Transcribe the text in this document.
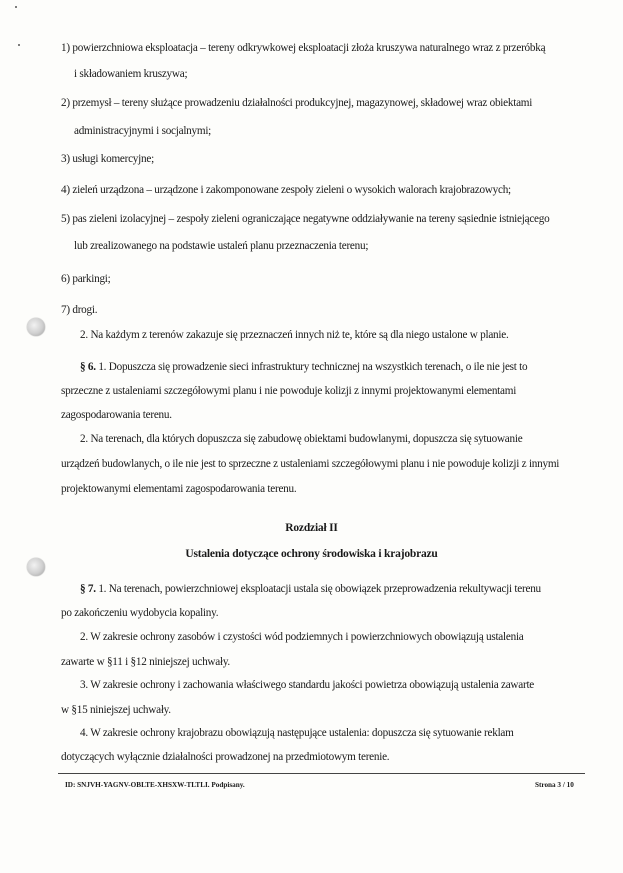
1) powierzchniowa eksploatacja – tereny odkrywkowej eksploatacji złoża kruszywa naturalnego wraz z przeróbką
i składowaniem kruszywa;
2) przemysł – tereny służące prowadzeniu działalności produkcyjnej, magazynowej, składowej wraz obiektami
administracyjnymi i socjalnymi;
3) usługi komercyjne;
4) zieleń urządzona – urządzone i zakomponowane zespoły zieleni o wysokich walorach krajobrazowych;
5) pas zieleni izolacyjnej – zespoły zieleni ograniczające negatywne oddziaływanie na tereny sąsiednie istniejącego
lub zrealizowanego na podstawie ustaleń planu przeznaczenia terenu;
6) parkingi;
7) drogi.
2. Na każdym z terenów zakazuje się przeznaczeń innych niż te, które są dla niego ustalone w planie.
§ 6. 1. Dopuszcza się prowadzenie sieci infrastruktury technicznej na wszystkich terenach, o ile nie jest to
sprzeczne z ustaleniami szczegółowymi planu i nie powoduje kolizji z innymi projektowanymi elementami
zagospodarowania terenu.
2. Na terenach, dla których dopuszcza się zabudowę obiektami budowlanymi, dopuszcza się sytuowanie
urządzeń budowlanych, o ile nie jest to sprzeczne z ustaleniami szczegółowymi planu i nie powoduje kolizji z innymi
projektowanymi elementami zagospodarowania terenu.
Rozdział II
Ustalenia dotyczące ochrony środowiska i krajobrazu
§ 7. 1. Na terenach, powierzchniowej eksploatacji ustala się obowiązek przeprowadzenia rekultywacji terenu
po zakończeniu wydobycia kopaliny.
2. W zakresie ochrony zasobów i czystości wód podziemnych i powierzchniowych obowiązują ustalenia
zawarte w §11 i §12 niniejszej uchwały.
3. W zakresie ochrony i zachowania właściwego standardu jakości powietrza obowiązują ustalenia zawarte
w §15 niniejszej uchwały.
4. W zakresie ochrony krajobrazu obowiązują następujące ustalenia: dopuszcza się sytuowanie reklam
dotyczących wyłącznie działalności prowadzonej na przedmiotowym terenie.
ID: SNJVH-YAGNV-OBLTE-XHSXW-TLTLI. Podpisany.	Strona 3 / 10
